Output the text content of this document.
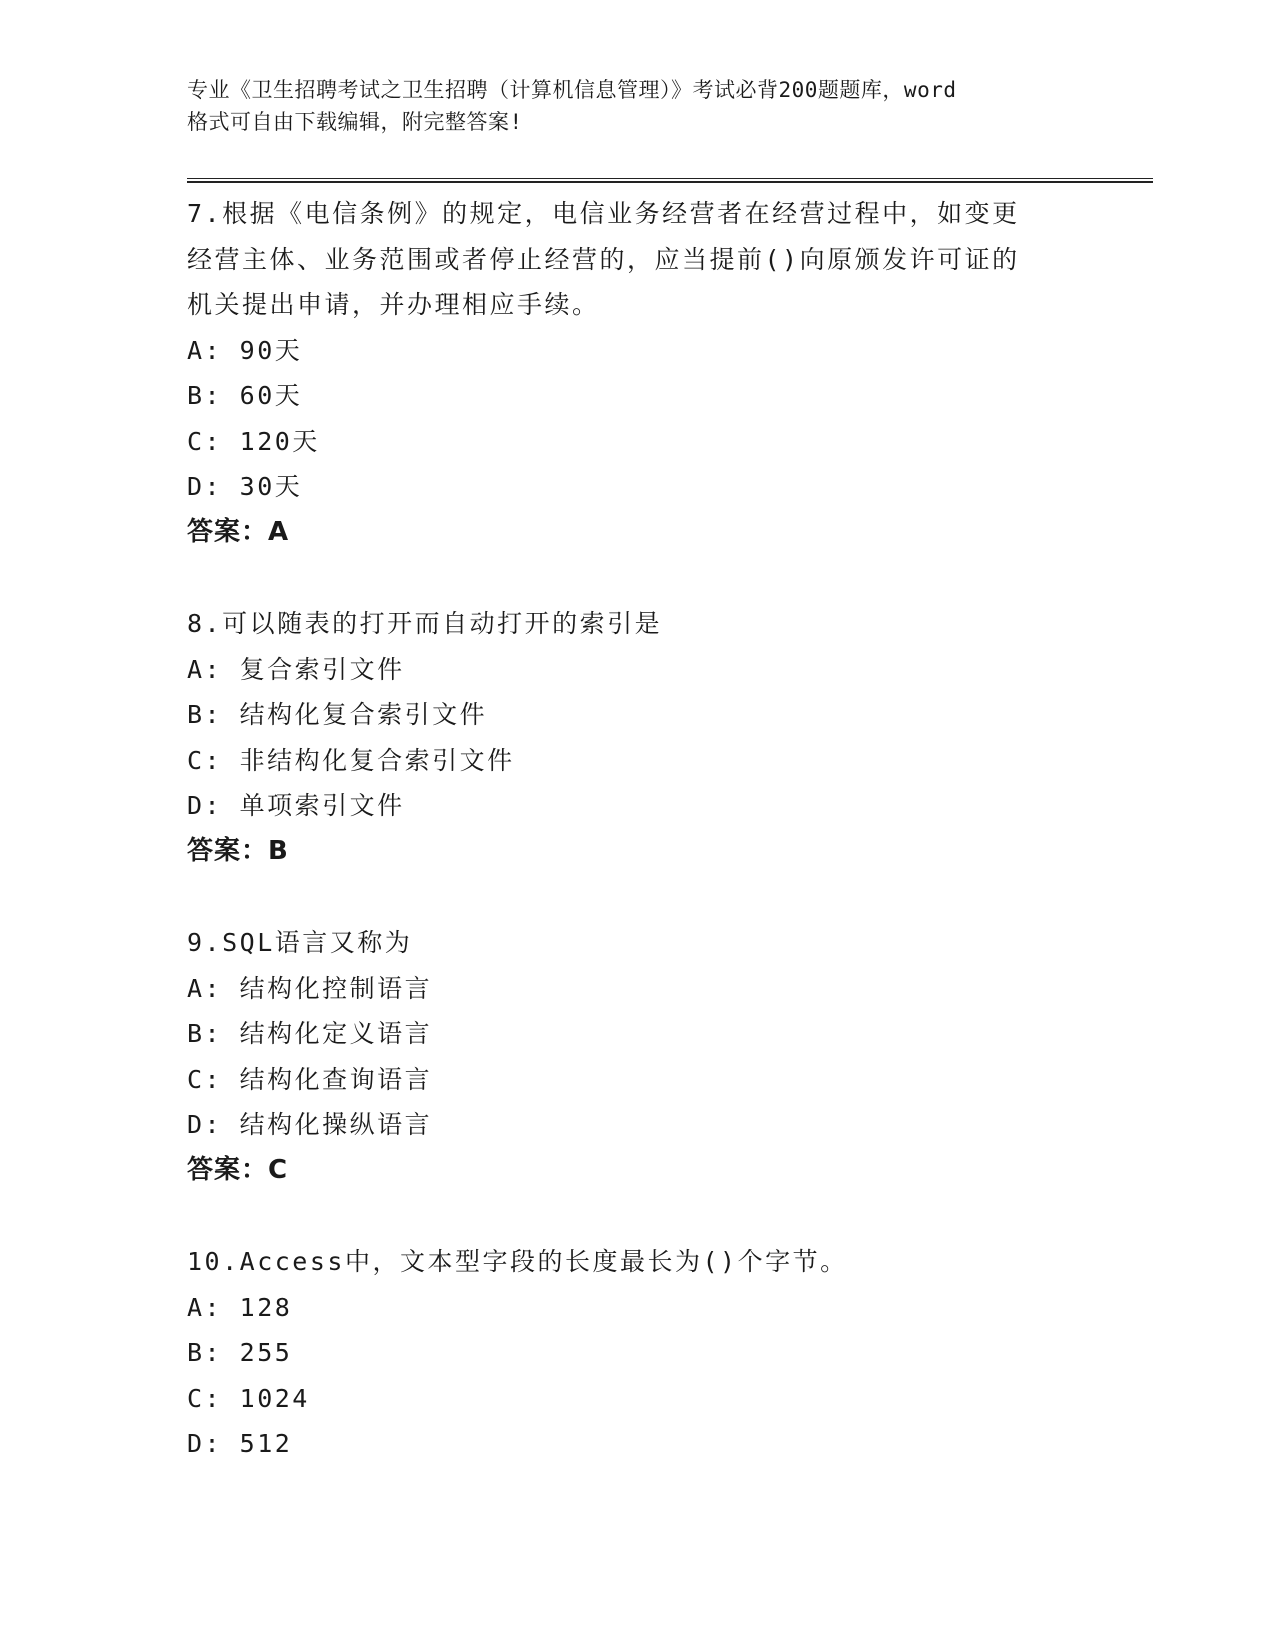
专业《卫生招聘考试之卫生招聘（计算机信息管理）》考试必背200题题库，word
格式可自由下载编辑，附完整答案!
7.根据《电信条例》的规定，电信业务经营者在经营过程中，如变更
经营主体、业务范围或者停止经营的，应当提前()向原颁发许可证的
机关提出申请，并办理相应手续。
A: 90天
B: 60天
C: 120天
D: 30天
答案：A
8.可以随表的打开而自动打开的索引是
A: 复合索引文件
B: 结构化复合索引文件
C: 非结构化复合索引文件
D: 单项索引文件
答案：B
9.SQL语言又称为
A: 结构化控制语言
B: 结构化定义语言
C: 结构化查询语言
D: 结构化操纵语言
答案：C
10.Access中，文本型字段的长度最长为()个字节。
A: 128
B: 255
C: 1024
D: 512
